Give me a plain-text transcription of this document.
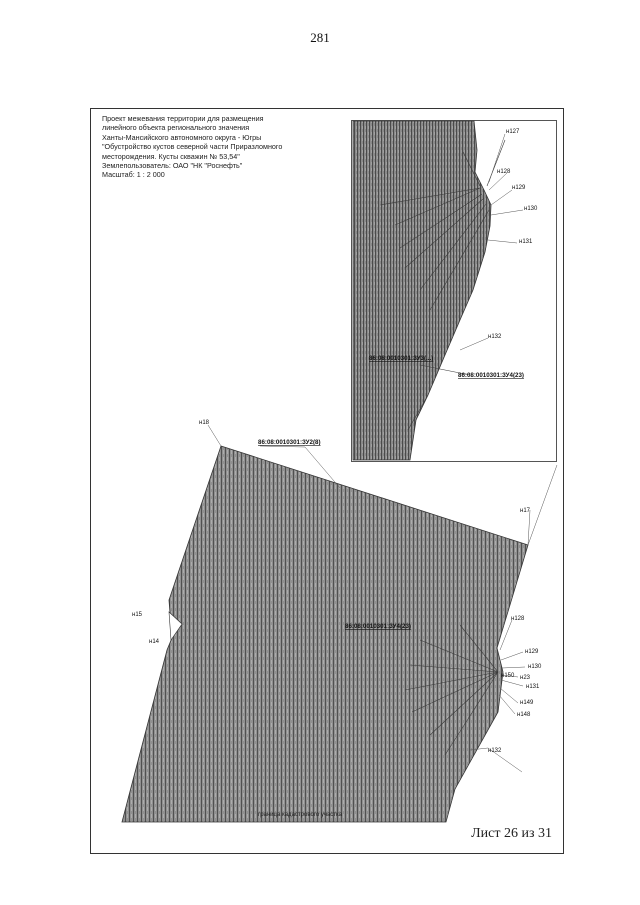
281
Проект межевания территории для размещения
линейного объекта регионального значения
Ханты-Мансийского автономного округа - Югры
"Обустройство кустов северной части Приразломного
месторождения. Кусты скважин № 53,54"
Землепользователь: ОАО "НК "Роснефть"
Масштаб: 1 : 2 000
86:08:0010301:ЗУ3(...)
86:08:0010301:ЗУ4(23)
86:08:0010301:ЗУ2(8)
86:08:0010301:ЗУ4(23)
граница кадастрового участка
н127
н128
н129
н130
н131
н132
н18
н17
н15
н14
н128
н129
н130
н23
н131
н149
н148
н132
н150
Лист 26 из 31
